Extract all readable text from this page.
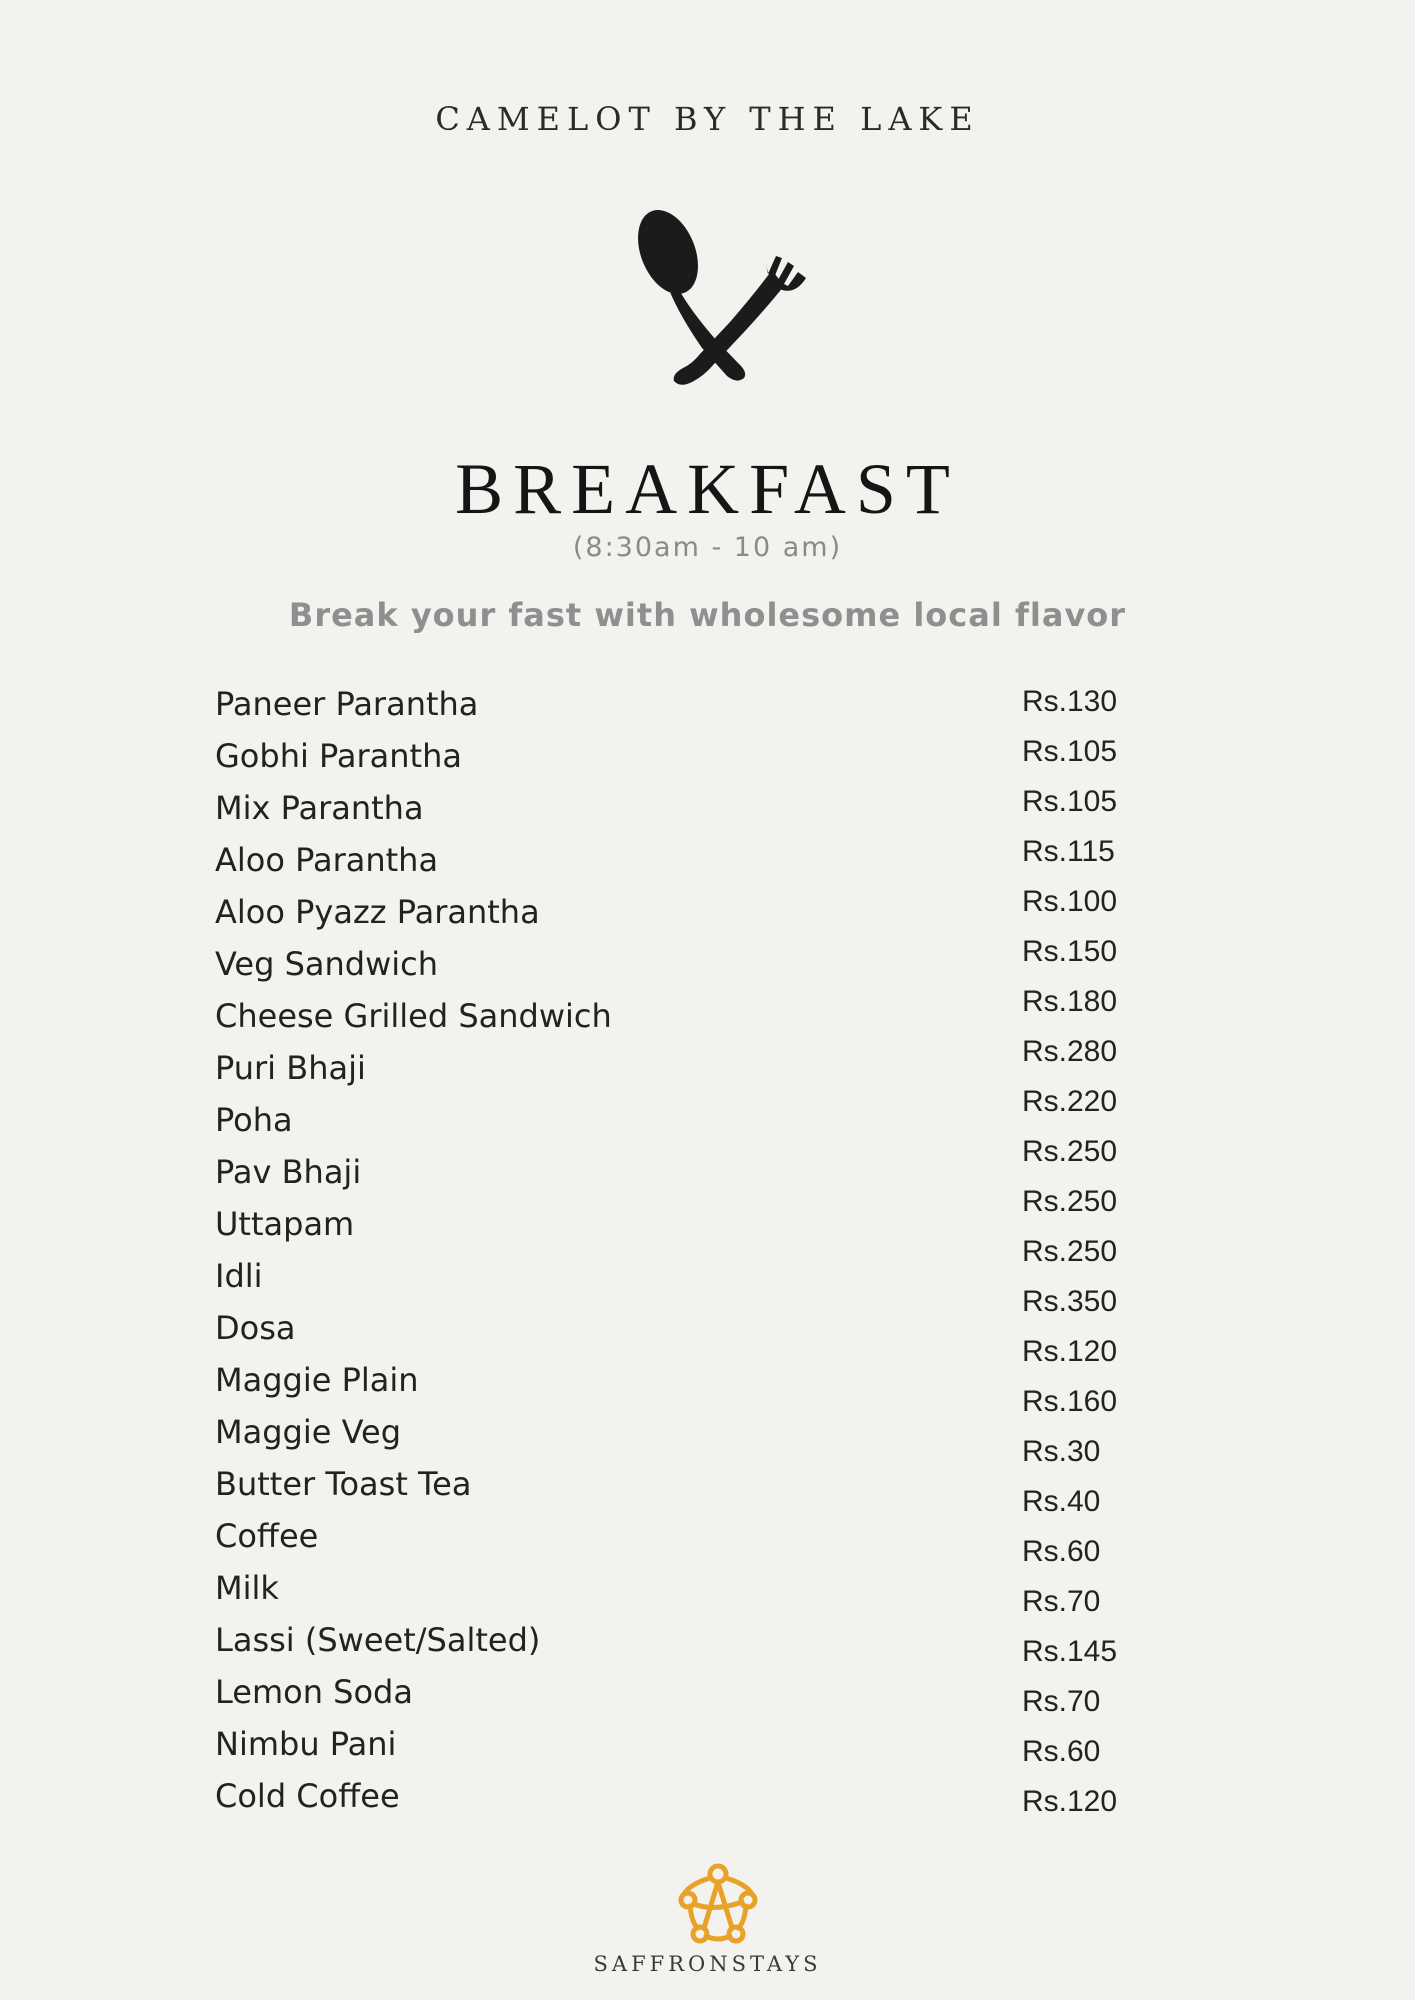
CAMELOT BY THE LAKE
BREAKFAST
(8:30am - 10 am)
Break your fast with wholesome local flavor
Paneer Parantha
Gobhi Parantha
Mix Parantha
Aloo Parantha
Aloo Pyazz Parantha
Veg Sandwich
Cheese Grilled Sandwich
Puri Bhaji
Poha
Pav Bhaji
Uttapam
Idli
Dosa
Maggie Plain
Maggie Veg
Butter Toast Tea
Coffee
Milk
Lassi (Sweet/Salted)
Lemon Soda
Nimbu Pani
Cold Coffee
Rs.130
Rs.105
Rs.105
Rs.115
Rs.100
Rs.150
Rs.180
Rs.280
Rs.220
Rs.250
Rs.250
Rs.250
Rs.350
Rs.120
Rs.160
Rs.30
Rs.40
Rs.60
Rs.70
Rs.145
Rs.70
Rs.60
Rs.120
SAFFRONSTAYS
